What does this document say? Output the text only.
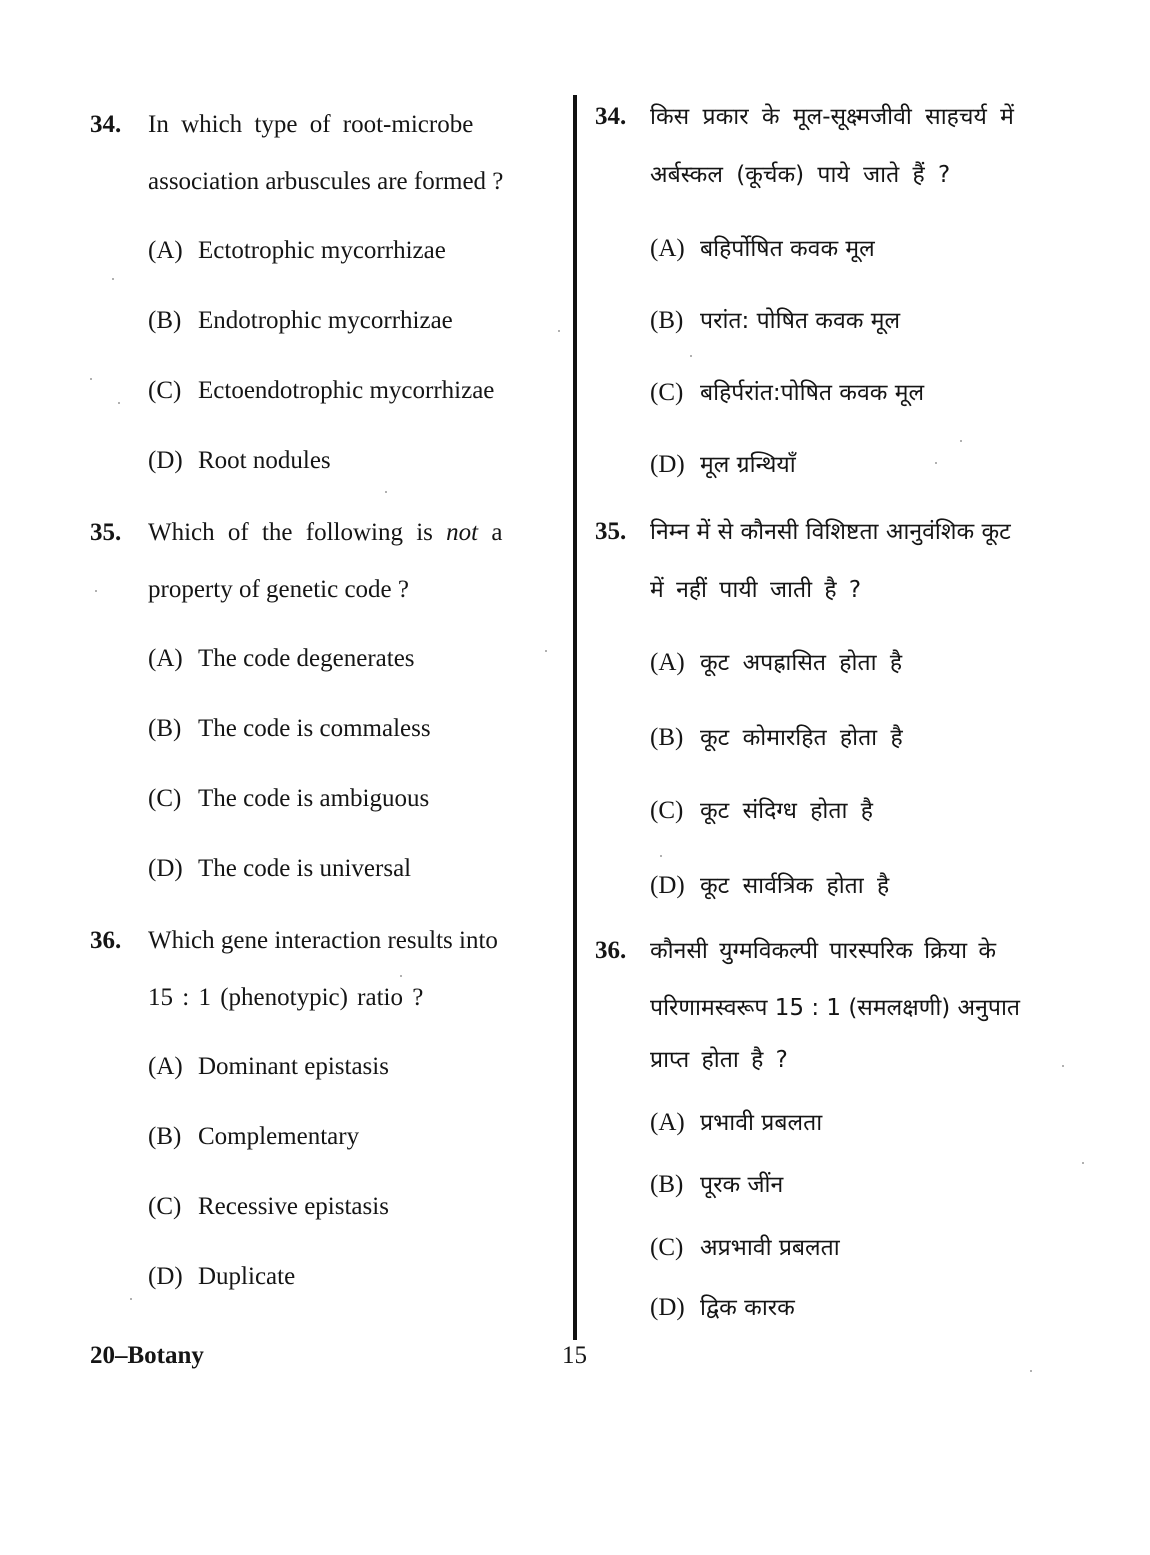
34. In which type of root-microbe
association arbuscules are formed ?
(A) Ectotrophic mycorrhizae
(B) Endotrophic mycorrhizae
(C) Ectoendotrophic mycorrhizae
(D) Root nodules
35. Which of the following is not a
property of genetic code ?
(A) The code degenerates
(B) The code is commaless
(C) The code is ambiguous
(D) The code is universal
36. Which gene interaction results into
15 : 1 (phenotypic) ratio ?
(A) Dominant epistasis
(B) Complementary
(C) Recessive epistasis
(D) Duplicate
34. किस प्रकार के मूल-सूक्ष्मजीवी साहचर्य में
अर्बस्कल (कूर्चक) पाये जाते हैं ?
(A) बहिर्पोषित कवक मूल
(B) परांत: पोषित कवक मूल
(C) बहिर्परांत:पोषित कवक मूल
(D) मूल ग्रन्थियाँ
35. निम्न में से कौनसी विशिष्टता आनुवंशिक कूट
में नहीं पायी जाती है ?
(A) कूट अपह्रासित होता है
(B) कूट कोमारहित होता है
(C) कूट संदिग्ध होता है
(D) कूट सार्वत्रिक होता है
36. कौनसी युग्मविकल्पी पारस्परिक क्रिया के
परिणामस्वरूप 15 : 1 (समलक्षणी) अनुपात
प्राप्त होता है ?
(A) प्रभावी प्रबलता
(B) पूरक जींन
(C) अप्रभावी प्रबलता
(D) द्विक कारक
20–Botany	15
